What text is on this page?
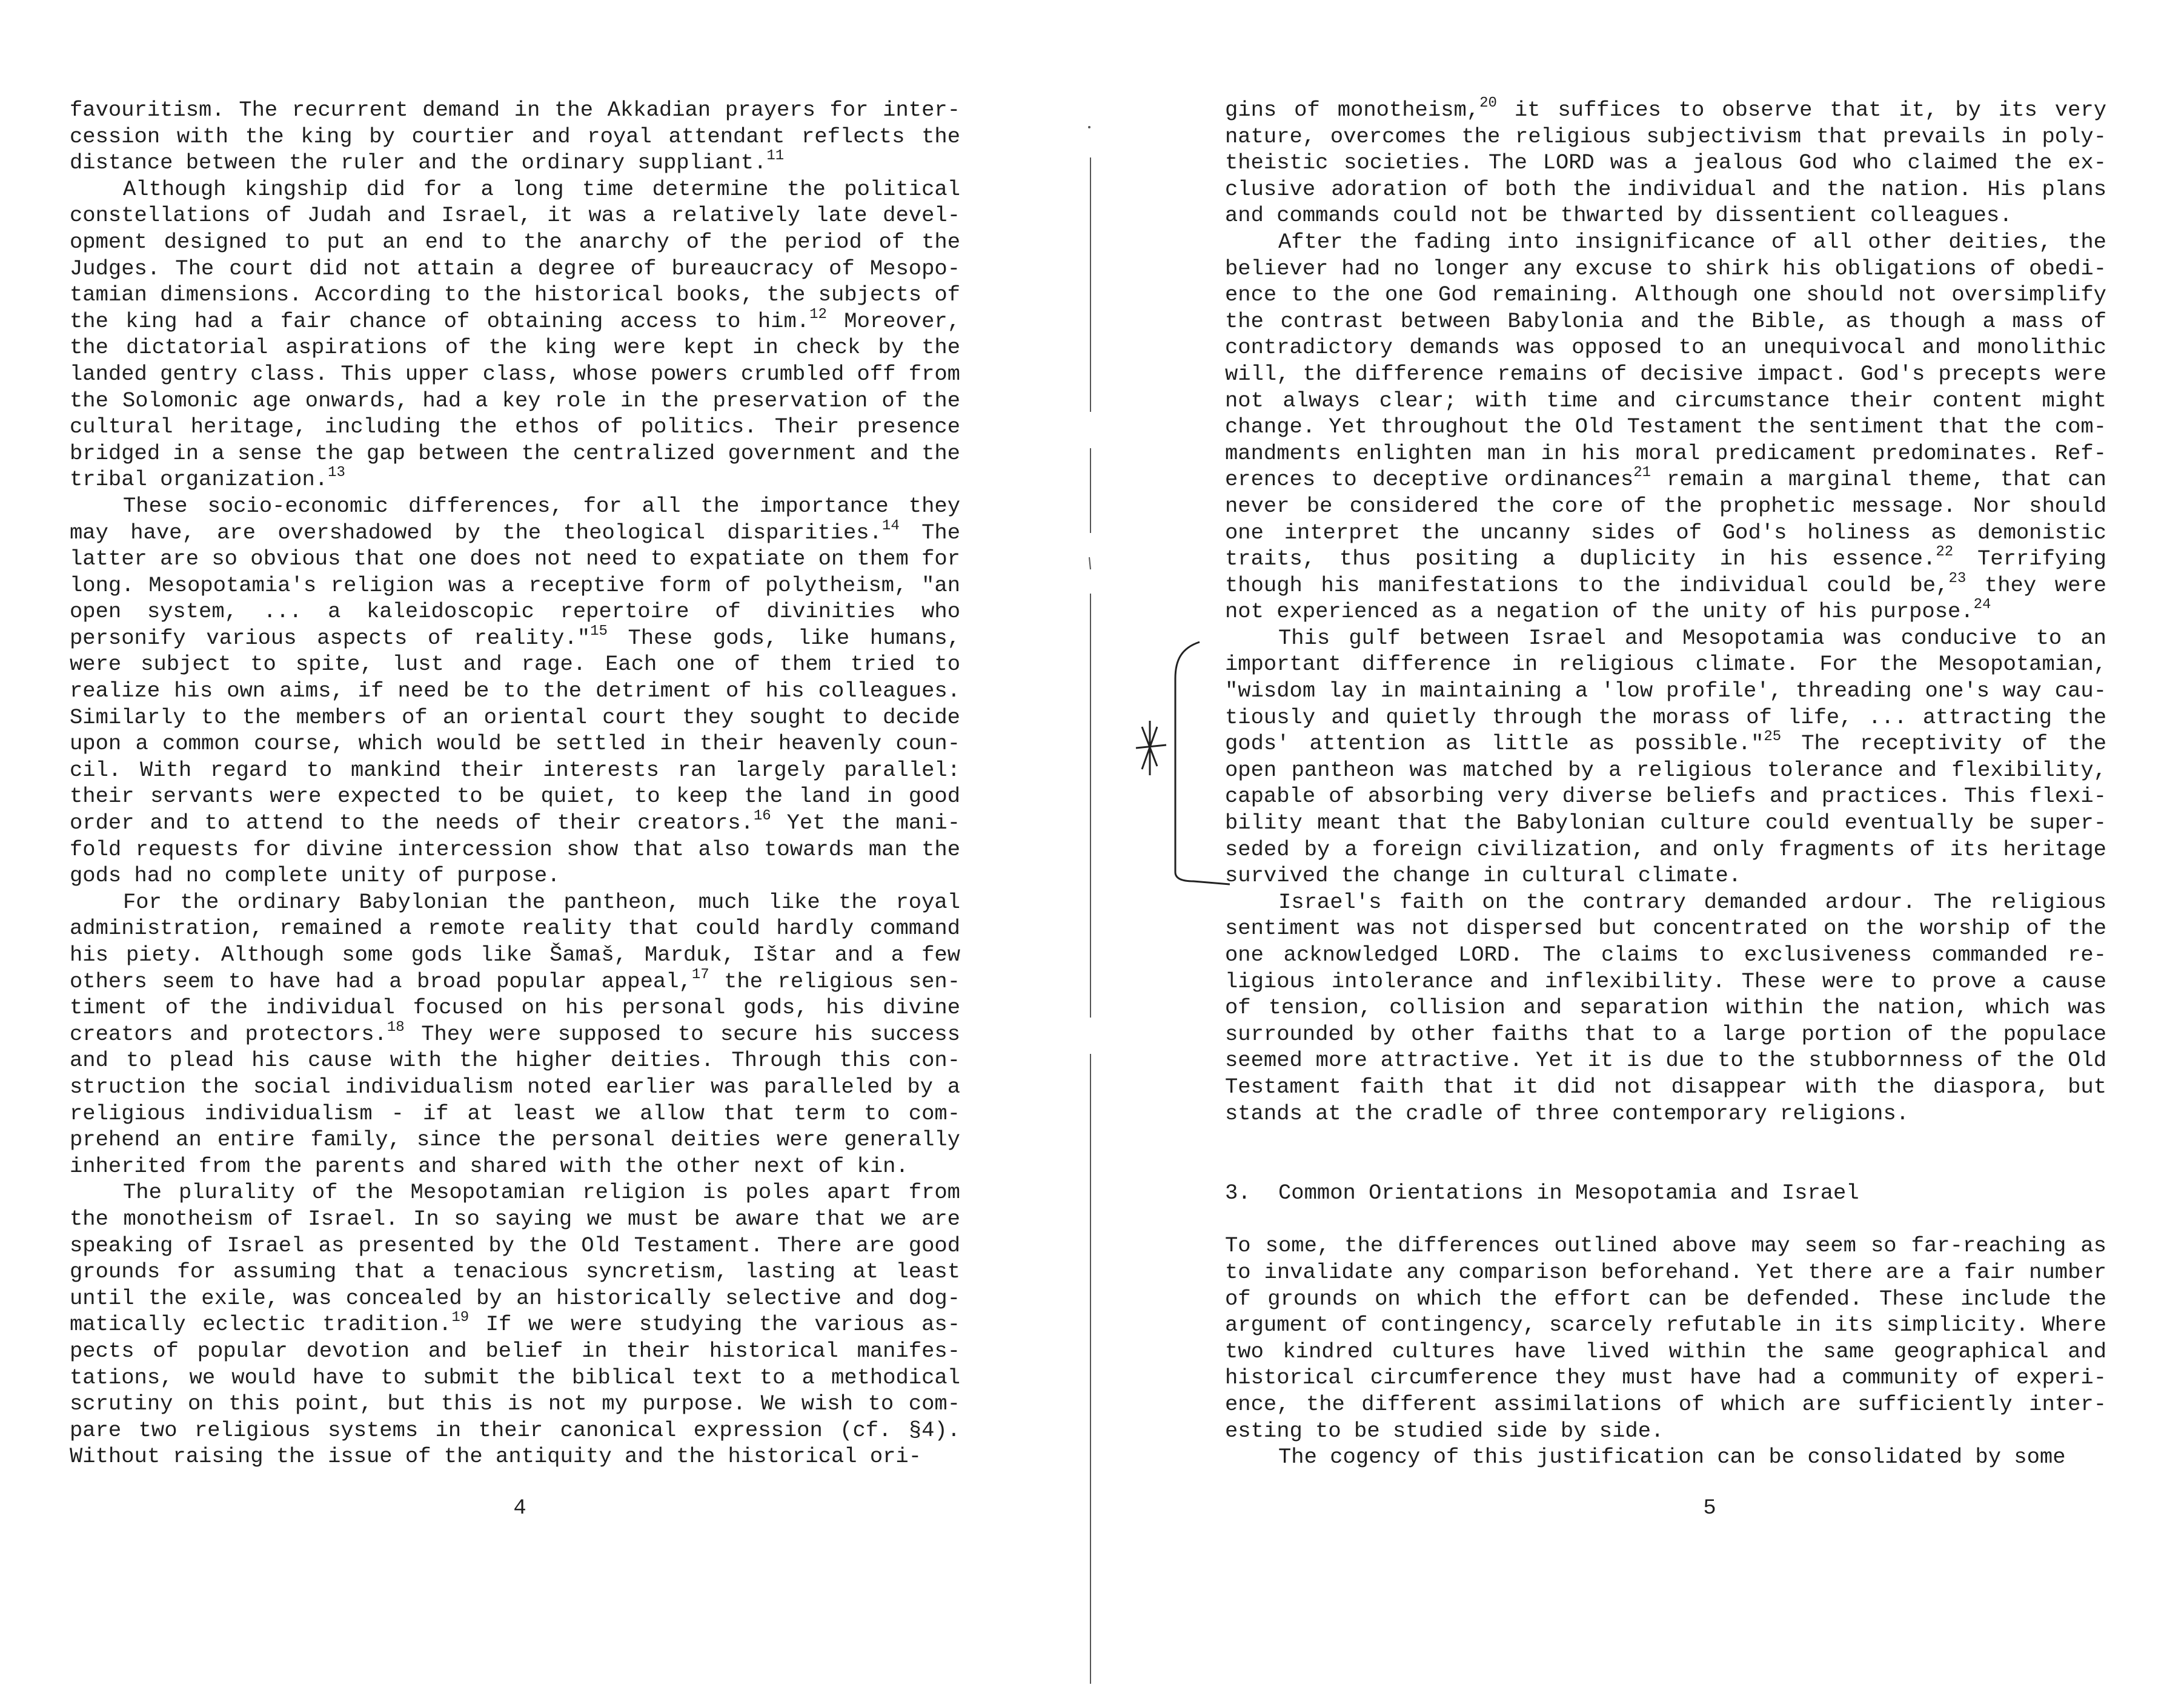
favouritism. The recurrent demand in the Akkadian prayers for intercession with the king by courtier and royal attendant reflects the distance between the ruler and the ordinary suppliant.$^{11}$

Although kingship did for a long time determine the political constellations of Judah and Israel, it was a relatively late development designed to put an end to the anarchy of the period of the Judges. The court did not attain a degree of bureaucracy of Mesopotamian dimensions. According to the historical books, the subjects of the king had a fair chance of obtaining access to him.$^{12}$ Moreover, the dictatorial aspirations of the king were kept in check by the landed gentry class. This upper class, whose powers crumbled off from the Solomonic age onwards, had a key role in the preservation of the cultural heritage, including the ethos of politics. Their presence bridged in a sense the gap between the centralized government and the tribal organization.$^{13}$

These socio-economic differences, for all the importance they may have, are overshadowed by the theological disparities.$^{14}$ The latter are so obvious that one does not need to expatiate on them for long. Mesopotamia's religion was a receptive form of polytheism, "an open system, ... a kaleidoscopic repertoire of divinities who personify various aspects of reality."$^{15}$ These gods, like humans, were subject to spite, lust and rage. Each one of them tried to realize his own aims, if need be to the detriment of his colleagues. Similarly to the members of an oriental court they sought to decide upon a common course, which would be settled in their heavenly council. With regard to mankind their interests ran largely parallel: their servants were expected to be quiet, to keep the land in good order and to attend to the needs of their creators.$^{16}$ Yet the manifold requests for divine intercession show that also towards man the gods had no complete unity of purpose.

For the ordinary Babylonian the pantheon, much like the royal administration, remained a remote reality that could hardly command his piety. Although some gods like Šamaš, Marduk, Ištar and a few others seem to have had a broad popular appeal,$^{17}$ the religious sentiment of the individual focused on his personal gods, his divine creators and protectors.$^{18}$ They were supposed to secure his success and to plead his cause with the higher deities. Through this construction the social individualism noted earlier was paralleled by a religious individualism - if at least we allow that term to comprehend an entire family, since the personal deities were generally inherited from the parents and shared with the other next of kin.

The plurality of the Mesopotamian religion is poles apart from the monotheism of Israel. In so saying we must be aware that we are speaking of Israel as presented by the Old Testament. There are good grounds for assuming that a tenacious syncretism, lasting at least until the exile, was concealed by an historically selective and dogmatically eclectic tradition.$^{19}$ If we were studying the various aspects of popular devotion and belief in their historical manifestations, we would have to submit the biblical text to a methodical scrutiny on this point, but this is not my purpose. We wish to compare two religious systems in their canonical expression (cf. §4). Without raising the issue of the antiquity and the historical ori-

4

gins of monotheism,$^{20}$ it suffices to observe that it, by its very nature, overcomes the religious subjectivism that prevails in polytheistic societies. The LORD was a jealous God who claimed the exclusive adoration of both the individual and the nation. His plans and commands could not be thwarted by dissentient colleagues.

After the fading into insignificance of all other deities, the believer had no longer any excuse to shirk his obligations of obedience to the one God remaining. Although one should not oversimplify the contrast between Babylonia and the Bible, as though a mass of contradictory demands was opposed to an unequivocal and monolithic will, the difference remains of decisive impact. God's precepts were not always clear; with time and circumstance their content might change. Yet throughout the Old Testament the sentiment that the commandments enlighten man in his moral predicament predominates. References to deceptive ordinances$^{21}$ remain a marginal theme, that can never be considered the core of the prophetic message. Nor should one interpret the uncanny sides of God's holiness as demonistic traits, thus positing a duplicity in his essence.$^{22}$ Terrifying though his manifestations to the individual could be,$^{23}$ they were not experienced as a negation of the unity of his purpose.$^{24}$

This gulf between Israel and Mesopotamia was conducive to an important difference in religious climate. For the Mesopotamian, "wisdom lay in maintaining a 'low profile', threading one's way cautiously and quietly through the morass of life, ... attracting the gods' attention as little as possible."$^{25}$ The receptivity of the open pantheon was matched by a religious tolerance and flexibility, capable of absorbing very diverse beliefs and practices. This flexibility meant that the Babylonian culture could eventually be superseded by a foreign civilization, and only fragments of its heritage survived the change in cultural climate.

Israel's faith on the contrary demanded ardour. The religious sentiment was not dispersed but concentrated on the worship of the one acknowledged LORD. The claims to exclusiveness commanded religious intolerance and inflexibility. These were to prove a cause of tension, collision and separation within the nation, which was surrounded by other faiths that to a large portion of the populace seemed more attractive. Yet it is due to the stubbornness of the Old Testament faith that it did not disappear with the diaspora, but stands at the cradle of three contemporary religions.

3. Common Orientations in Mesopotamia and Israel

To some, the differences outlined above may seem so far-reaching as to invalidate any comparison beforehand. Yet there are a fair number of grounds on which the effort can be defended. These include the argument of contingency, scarcely refutable in its simplicity. Where two kindred cultures have lived within the same geographical and historical circumference they must have had a community of experience, the different assimilations of which are sufficiently interesting to be studied side by side.

The cogency of this justification can be consolidated by some

5
